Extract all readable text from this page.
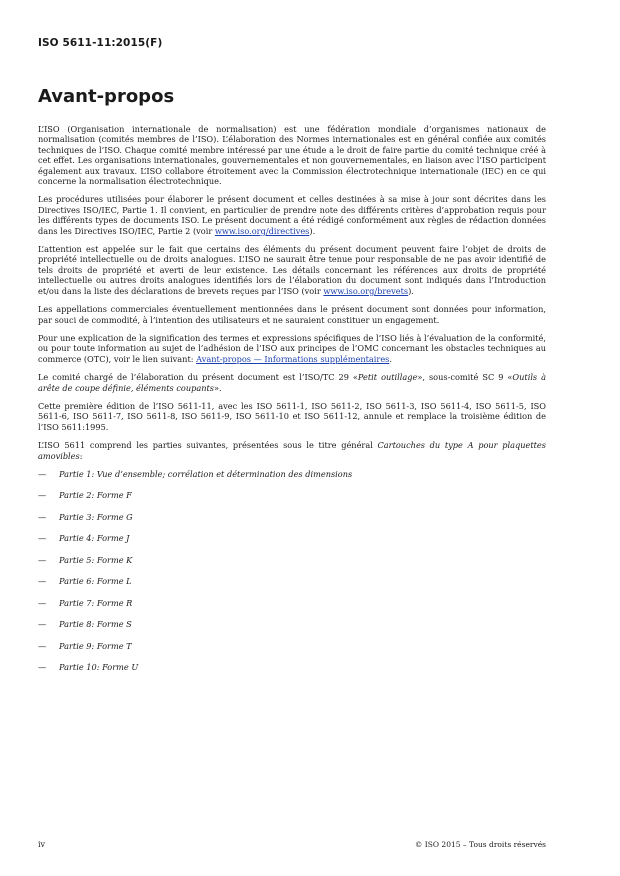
ISO 5611-11:2015(F)
Avant-propos

L’ISO (Organisation internationale de normalisation) est une fédération mondiale d’organismes nationaux de normalisation (comités membres de l’ISO). L’élaboration des Normes internationales est en général confiée aux comités techniques de l’ISO. Chaque comité membre intéressé par une étude a le droit de faire partie du comité technique créé à cet effet. Les organisations internationales, gouvernementales et non gouvernementales, en liaison avec l’ISO participent également aux travaux. L’ISO collabore étroitement avec la Commission électrotechnique internationale (IEC) en ce qui concerne la normalisation électrotechnique.

Les procédures utilisées pour élaborer le présent document et celles destinées à sa mise à jour sont décrites dans les Directives ISO/IEC, Partie 1. Il convient, en particulier de prendre note des différents critères d’approbation requis pour les différents types de documents ISO. Le présent document a été rédigé conformément aux règles de rédaction données dans les Directives ISO/IEC, Partie 2 (voir www.iso.org/directives).

L’attention est appelée sur le fait que certains des éléments du présent document peuvent faire l’objet de droits de propriété intellectuelle ou de droits analogues. L’ISO ne saurait être tenue pour responsable de ne pas avoir identifié de tels droits de propriété et averti de leur existence. Les détails concernant les références aux droits de propriété intellectuelle ou autres droits analogues identifiés lors de l’élaboration du document sont indiqués dans l’Introduction et/ou dans la liste des déclarations de brevets reçues par l’ISO (voir www.iso.org/brevets).

Les appellations commerciales éventuellement mentionnées dans le présent document sont données pour information, par souci de commodité, à l’intention des utilisateurs et ne sauraient constituer un engagement.

Pour une explication de la signification des termes et expressions spécifiques de l’ISO liés à l’évaluation de la conformité, ou pour toute information au sujet de l’adhésion de l’ISO aux principes de l’OMC concernant les obstacles techniques au commerce (OTC), voir le lien suivant: Avant-propos — Informations supplémentaires.

Le comité chargé de l’élaboration du présent document est l’ISO/TC 29 «Petit outillage», sous-comité SC 9 «Outils à arête de coupe définie, éléments coupants».

Cette première édition de l’ISO 5611-11, avec les ISO 5611-1, ISO 5611-2, ISO 5611-3, ISO 5611-4, ISO 5611-5, ISO 5611-6, ISO 5611-7, ISO 5611-8, ISO 5611-9, ISO 5611-10 et ISO 5611-12, annule et remplace la troisième édition de l’ISO 5611:1995.

L’ISO 5611 comprend les parties suivantes, présentées sous le titre général Cartouches du type A pour plaquettes amovibles:

— Partie 1: Vue d’ensemble; corrélation et détermination des dimensions
— Partie 2: Forme F
— Partie 3: Forme G
— Partie 4: Forme J
— Partie 5: Forme K
— Partie 6: Forme L
— Partie 7: Forme R
— Partie 8: Forme S
— Partie 9: Forme T
— Partie 10: Forme U
iv	© ISO 2015 – Tous droits réservés
